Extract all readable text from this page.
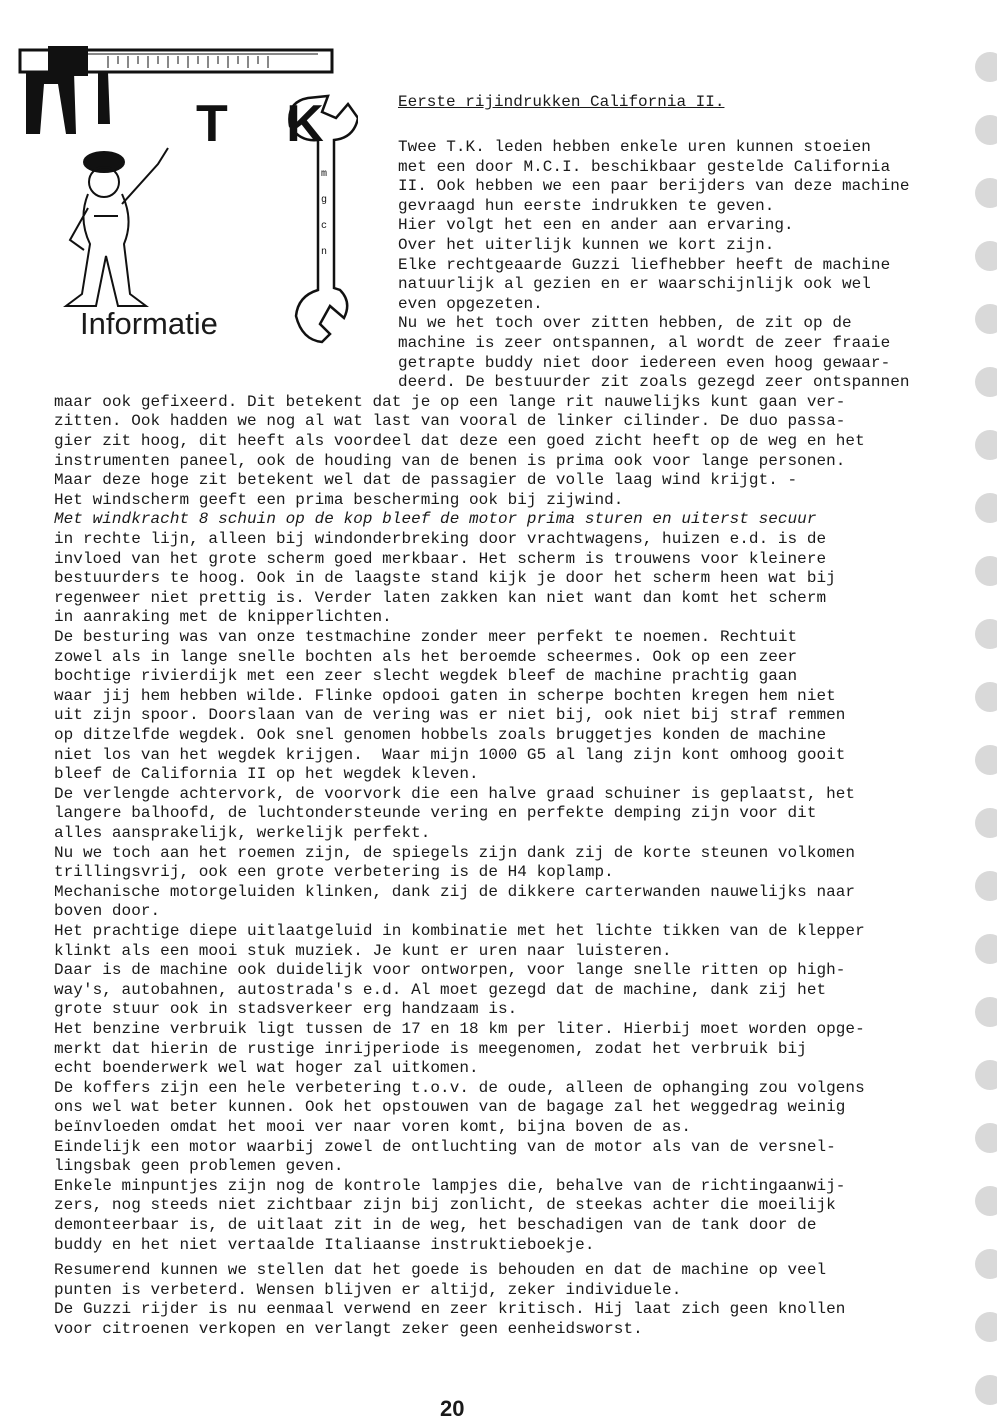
m
g
c
n
T K
Informatie
Eerste rijindrukken California II.
Twee T.K. leden hebben enkele uren kunnen stoeien
met een door M.C.I. beschikbaar gestelde California
II. Ook hebben we een paar berijders van deze machine
gevraagd hun eerste indrukken te geven.
Hier volgt het een en ander aan ervaring.
Over het uiterlijk kunnen we kort zijn.
Elke rechtgeaarde Guzzi liefhebber heeft de machine
natuurlijk al gezien en er waarschijnlijk ook wel
even opgezeten.
Nu we het toch over zitten hebben, de zit op de
machine is zeer ontspannen, al wordt de zeer fraaie
getrapte buddy niet door iedereen even hoog gewaar-
deerd. De bestuurder zit zoals gezegd zeer ontspannen
maar ook gefixeerd. Dit betekent dat je op een lange rit nauwelijks kunt gaan ver-
zitten. Ook hadden we nog al wat last van vooral de linker cilinder. De duo passa-
gier zit hoog, dit heeft als voordeel dat deze een goed zicht heeft op de weg en het
instrumenten paneel, ook de houding van de benen is prima ook voor lange personen.
Maar deze hoge zit betekent wel dat de passagier de volle laag wind krijgt. -
Het windscherm geeft een prima bescherming ook bij zijwind.
Met windkracht 8 schuin op de kop bleef de motor prima sturen en uiterst secuur
in rechte lijn, alleen bij windonderbreking door vrachtwagens, huizen e.d. is de
invloed van het grote scherm goed merkbaar. Het scherm is trouwens voor kleinere
bestuurders te hoog. Ook in de laagste stand kijk je door het scherm heen wat bij
regenweer niet prettig is. Verder laten zakken kan niet want dan komt het scherm
in aanraking met de knipperlichten.
De besturing was van onze testmachine zonder meer perfekt te noemen. Rechtuit
zowel als in lange snelle bochten als het beroemde scheermes. Ook op een zeer
bochtige rivierdijk met een zeer slecht wegdek bleef de machine prachtig gaan
waar jij hem hebben wilde. Flinke opdooi gaten in scherpe bochten kregen hem niet
uit zijn spoor. Doorslaan van de vering was er niet bij, ook niet bij straf remmen
op ditzelfde wegdek. Ook snel genomen hobbels zoals bruggetjes konden de machine
niet los van het wegdek krijgen.  Waar mijn 1000 G5 al lang zijn kont omhoog gooit
bleef de California II op het wegdek kleven.
De verlengde achtervork, de voorvork die een halve graad schuiner is geplaatst, het
langere balhoofd, de luchtondersteunde vering en perfekte demping zijn voor dit
alles aansprakelijk, werkelijk perfekt.
Nu we toch aan het roemen zijn, de spiegels zijn dank zij de korte steunen volkomen
trillingsvrij, ook een grote verbetering is de H4 koplamp.
Mechanische motorgeluiden klinken, dank zij de dikkere carterwanden nauwelijks naar
boven door.
Het prachtige diepe uitlaatgeluid in kombinatie met het lichte tikken van de klepper
klinkt als een mooi stuk muziek. Je kunt er uren naar luisteren.
Daar is de machine ook duidelijk voor ontworpen, voor lange snelle ritten op high-
way's, autobahnen, autostrada's e.d. Al moet gezegd dat de machine, dank zij het
grote stuur ook in stadsverkeer erg handzaam is.
Het benzine verbruik ligt tussen de 17 en 18 km per liter. Hierbij moet worden opge-
merkt dat hierin de rustige inrijperiode is meegenomen, zodat het verbruik bij
echt boenderwerk wel wat hoger zal uitkomen.
De koffers zijn een hele verbetering t.o.v. de oude, alleen de ophanging zou volgens
ons wel wat beter kunnen. Ook het opstouwen van de bagage zal het weggedrag weinig
beïnvloeden omdat het mooi ver naar voren komt, bijna boven de as.
Eindelijk een motor waarbij zowel de ontluchting van de motor als van de versnel-
lingsbak geen problemen geven.
Enkele minpuntjes zijn nog de kontrole lampjes die, behalve van de richtingaanwij-
zers, nog steeds niet zichtbaar zijn bij zonlicht, de steekas achter die moeilijk
demonteerbaar is, de uitlaat zit in de weg, het beschadigen van de tank door de
buddy en het niet vertaalde Italiaanse instruktieboekje.
Resumerend kunnen we stellen dat het goede is behouden en dat de machine op veel
punten is verbeterd. Wensen blijven er altijd, zeker individuele.
De Guzzi rijder is nu eenmaal verwend en zeer kritisch. Hij laat zich geen knollen
voor citroenen verkopen en verlangt zeker geen eenheidsworst.
20
